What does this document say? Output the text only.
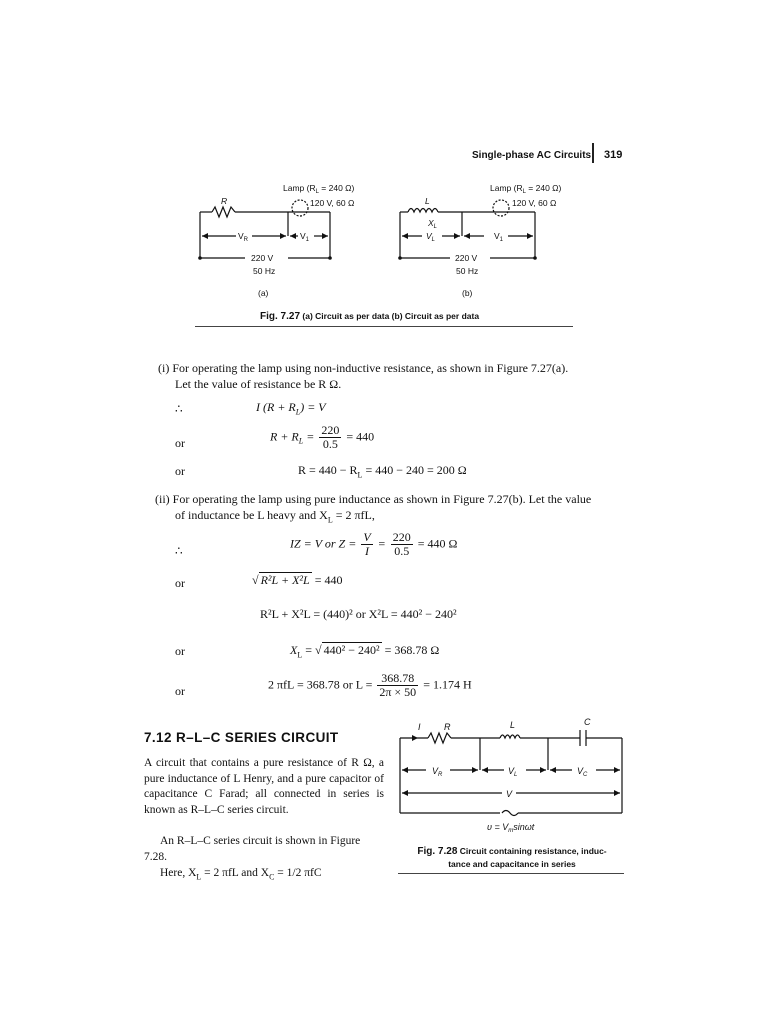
Single-phase AC Circuits 319
R
Lamp ($R_L = 240$ Ω)
120 V, 60 Ω
$V_R$	$V_1$
220 V
50 Hz
(a)
L
$X_L$
$V_L$
Lamp ($R_L = 240$ Ω)
120 V, 60 Ω
$V_1$
220 V
50 Hz
(b)
Fig. 7.27 (a) Circuit as per data (b) Circuit as per data
(i) For operating the lamp using non-inductive resistance, as shown in Figure 7.27(a).
Let the value of resistance be R Ω.
∴	I $(R + R_L) = V$
or	$R + R_L = \frac{220}{0.5} = 440$
or	$R = 440 - R_L = 440 - 240 = 200$ Ω
(ii) For operating the lamp using pure inductance as shown in Figure 7.27(b). Let the value
of inductance be L heavy and $X_L = 2$ πfL,
∴
IZ = V or $Z = \frac{V}{I} = \frac{220}{0.5} = 440$ Ω
or	√ R²L + X²L = 440
R²L + X²L = (440)² or X²L = 440² − 240²
or	$X_L$ = √ 440² − 240² = 368.78 Ω
or	2 πfL = 368.78 or $L = \frac{368.78}{2\pi \times 50} = 1.174$ H
7.12 R–L–C SERIES CIRCUIT
A circuit that contains a pure resistance of R Ω, a pure inductance of L Henry, and a pure capacitor of capacitance C Farad; all connected in series is known as R–L–C series circuit.
An R–L–C series circuit is shown in Figure 7.28.
Here, $X_L = 2$ πfL and $X_C = 1/2$ πfC
I	R	L	C
$V_R$	$V_L$	$V_C$
V
$\upsilon = V_m\sin\omega t$
Fig. 7.28 Circuit containing resistance, induc-
tance and capacitance in series
